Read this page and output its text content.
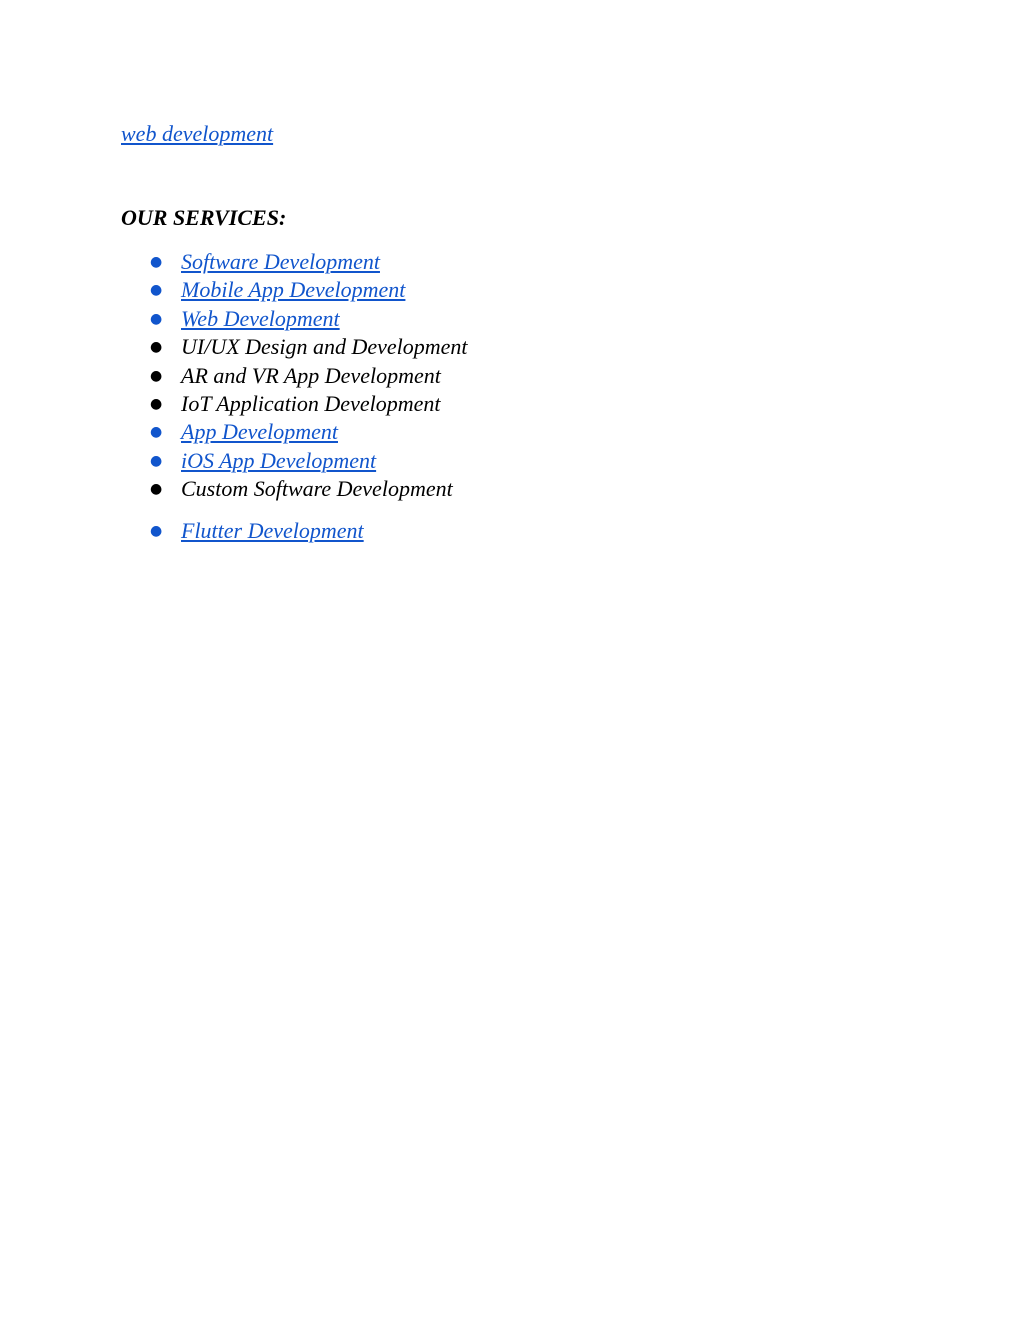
web development

OUR SERVICES:

● Software Development
● Mobile App Development
● Web Development
● UI/UX Design and Development
● AR and VR App Development
● IoT Application Development
● App Development
● iOS App Development
● Custom Software Development
● Flutter Development
